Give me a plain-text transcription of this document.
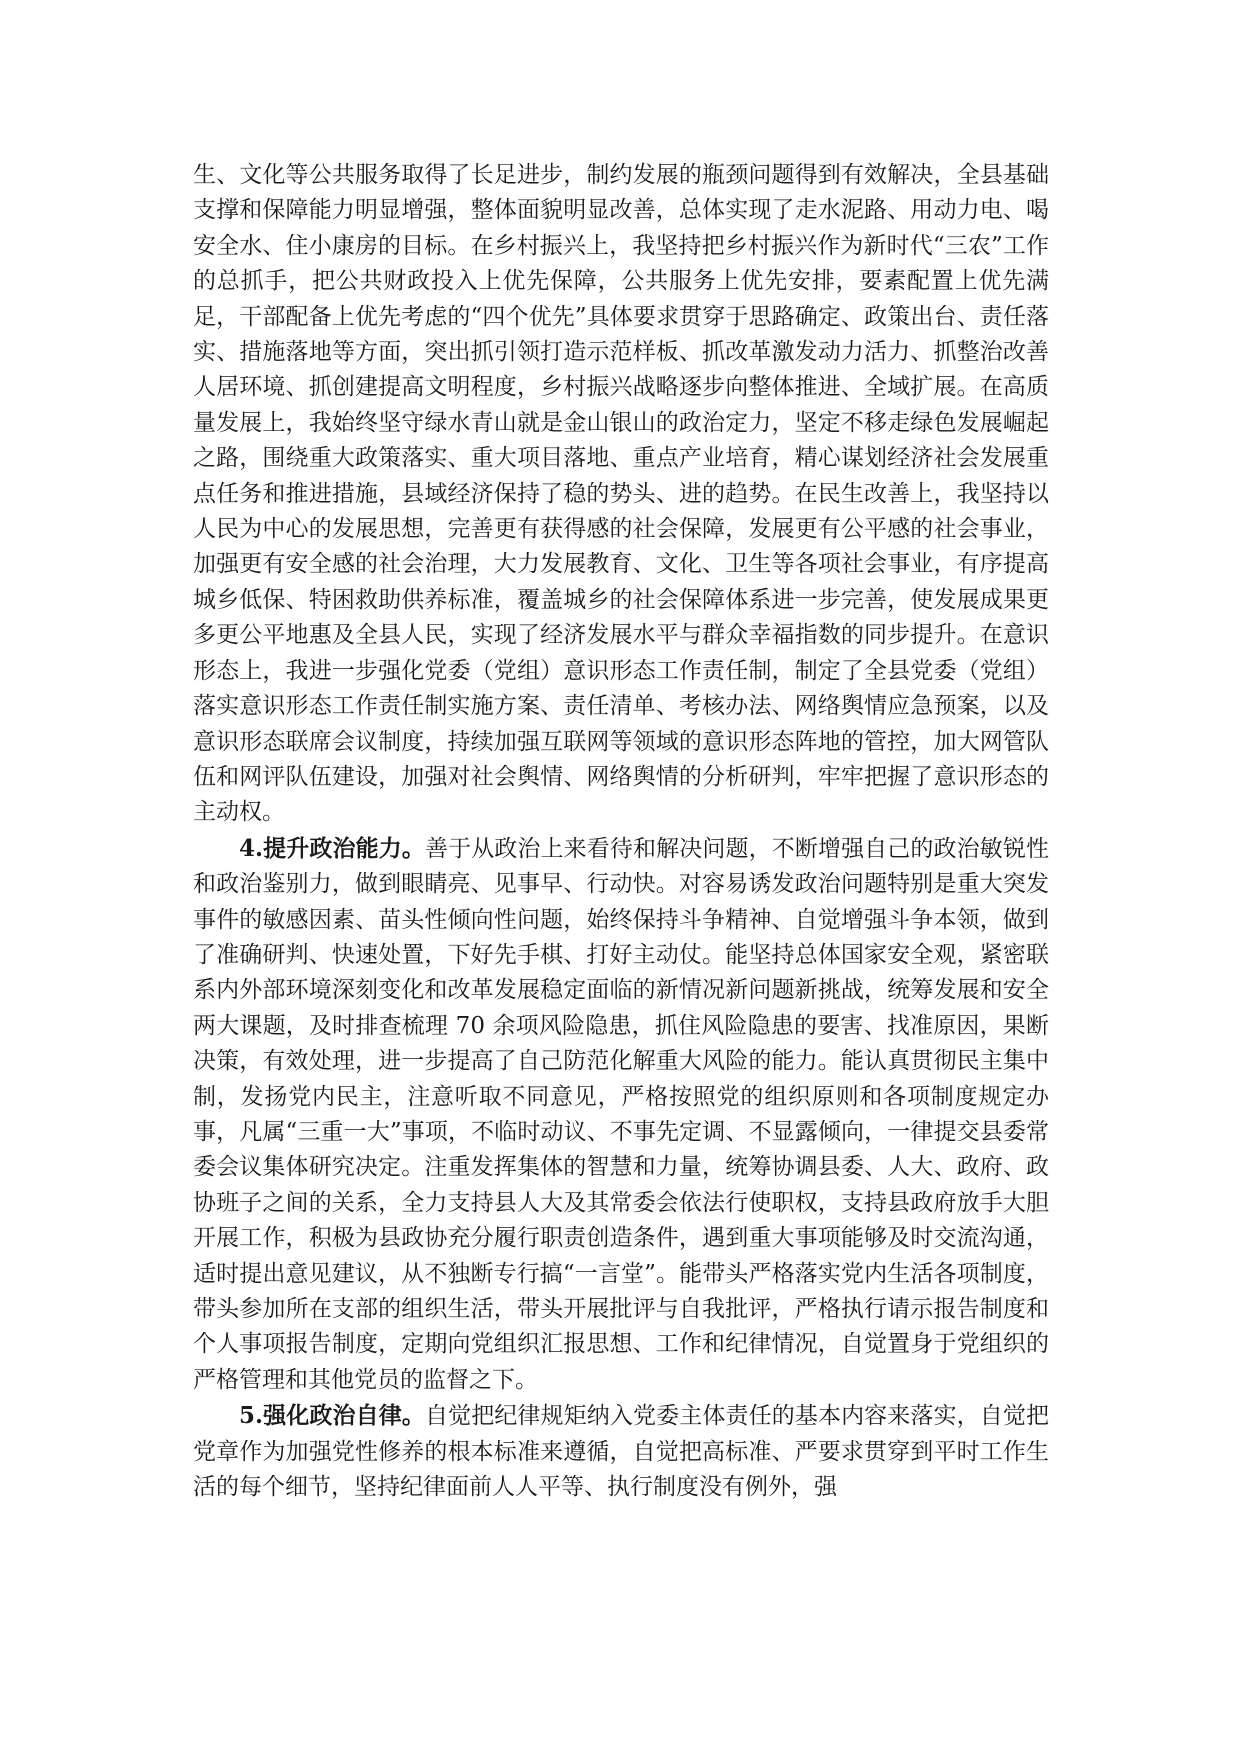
生、文化等公共服务取得了长足进步，制约发展的瓶颈问题得到有效解决，全县基础支撑和保障能力明显增强，整体面貌明显改善，总体实现了走水泥路、用动力电、喝安全水、住小康房的目标。在乡村振兴上，我坚持把乡村振兴作为新时代“三农”工作的总抓手，把公共财政投入上优先保障，公共服务上优先安排，要素配置上优先满足，干部配备上优先考虑的“四个优先”具体要求贯穿于思路确定、政策出台、责任落实、措施落地等方面，突出抓引领打造示范样板、抓改革激发动力活力、抓整治改善人居环境、抓创建提高文明程度，乡村振兴战略逐步向整体推进、全域扩展。在高质量发展上，我始终坚守绿水青山就是金山银山的政治定力，坚定不移走绿色发展崛起之路，围绕重大政策落实、重大项目落地、重点产业培育，精心谋划经济社会发展重点任务和推进措施，县域经济保持了稳的势头、进的趋势。在民生改善上，我坚持以人民为中心的发展思想，完善更有获得感的社会保障，发展更有公平感的社会事业，加强更有安全感的社会治理，大力发展教育、文化、卫生等各项社会事业，有序提高城乡低保、特困救助供养标准，覆盖城乡的社会保障体系进一步完善，使发展成果更多更公平地惠及全县人民，实现了经济发展水平与群众幸福指数的同步提升。在意识形态上，我进一步强化党委（党组）意识形态工作责任制，制定了全县党委（党组）落实意识形态工作责任制实施方案、责任清单、考核办法、网络舆情应急预案，以及意识形态联席会议制度，持续加强互联网等领域的意识形态阵地的管控，加大网管队伍和网评队伍建设，加强对社会舆情、网络舆情的分析研判，牢牢把握了意识形态的主动权。

4.提升政治能力。善于从政治上来看待和解决问题，不断增强自己的政治敏锐性和政治鉴别力，做到眼睛亮、见事早、行动快。对容易诱发政治问题特别是重大突发事件的敏感因素、苗头性倾向性问题，始终保持斗争精神、自觉增强斗争本领，做到了准确研判、快速处置，下好先手棋、打好主动仗。能坚持总体国家安全观，紧密联系内外部环境深刻变化和改革发展稳定面临的新情况新问题新挑战，统筹发展和安全两大课题，及时排查梳理 70 余项风险隐患，抓住风险隐患的要害、找准原因，果断决策，有效处理，进一步提高了自己防范化解重大风险的能力。能认真贯彻民主集中制，发扬党内民主，注意听取不同意见，严格按照党的组织原则和各项制度规定办事，凡属“三重一大”事项，不临时动议、不事先定调、不显露倾向，一律提交县委常委会议集体研究决定。注重发挥集体的智慧和力量，统筹协调县委、人大、政府、政协班子之间的关系，全力支持县人大及其常委会依法行使职权，支持县政府放手大胆开展工作，积极为县政协充分履行职责创造条件，遇到重大事项能够及时交流沟通，适时提出意见建议，从不独断专行搞“一言堂”。能带头严格落实党内生活各项制度，带头参加所在支部的组织生活，带头开展批评与自我批评，严格执行请示报告制度和个人事项报告制度，定期向党组织汇报思想、工作和纪律情况，自觉置身于党组织的严格管理和其他党员的监督之下。

5.强化政治自律。自觉把纪律规矩纳入党委主体责任的基本内容来落实，自觉把党章作为加强党性修养的根本标准来遵循，自觉把高标准、严要求贯穿到平时工作生活的每个细节，坚持纪律面前人人平等、执行制度没有例外，强
